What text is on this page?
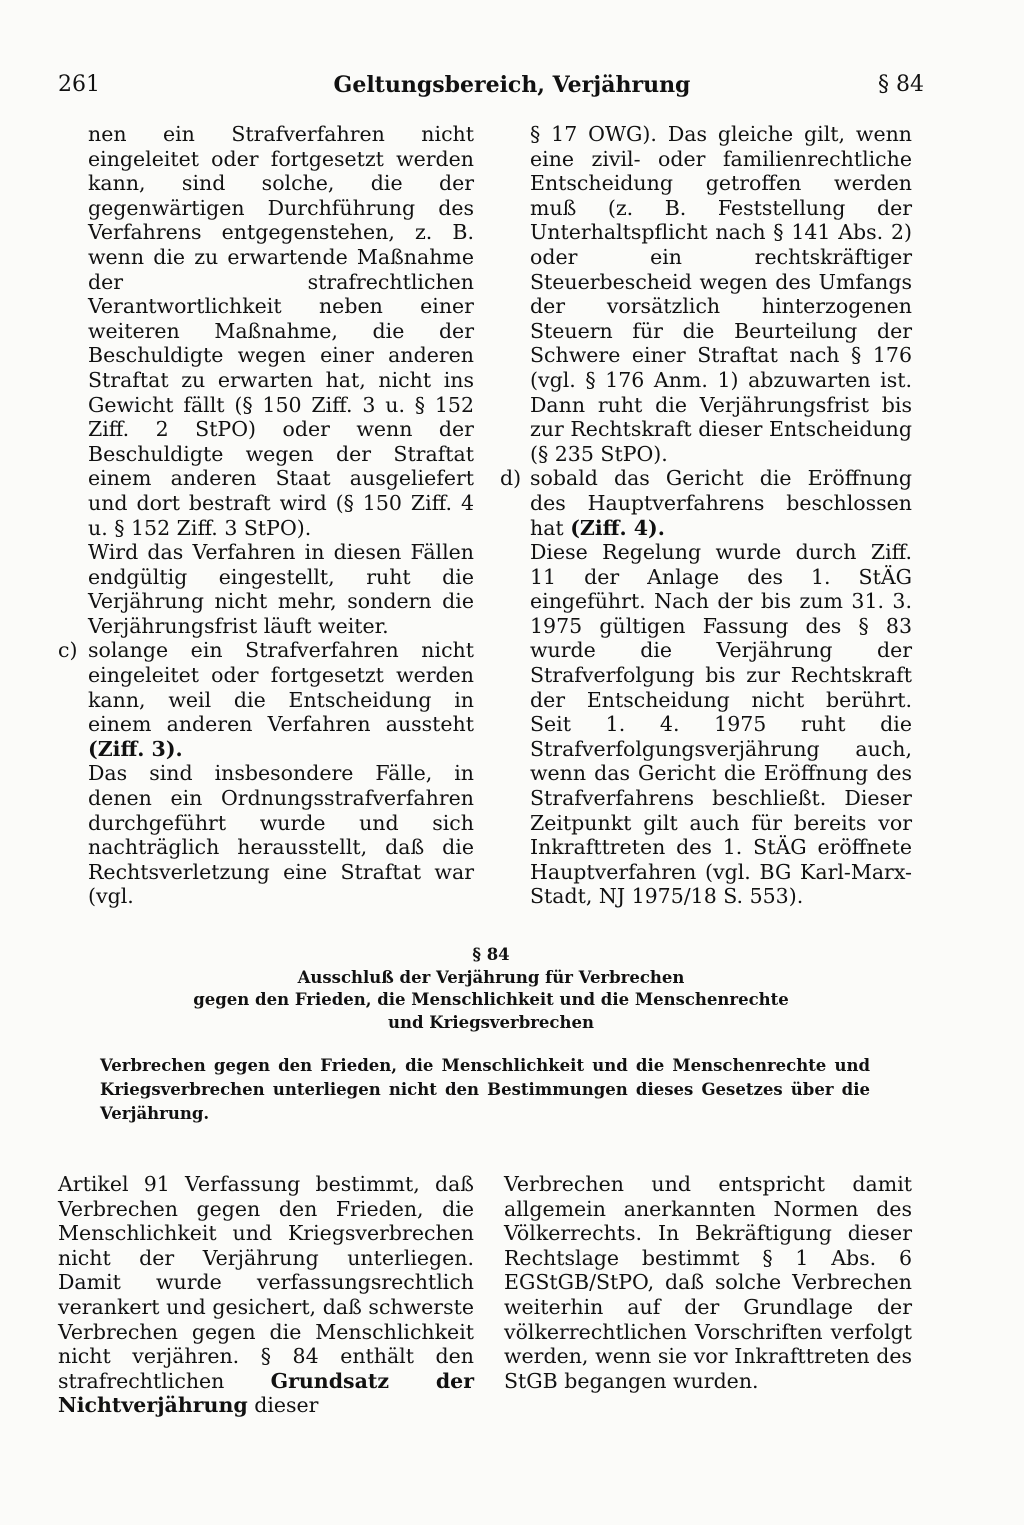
Geltungsbereich, Verjährung
261	§ 84

nen ein Strafverfahren nicht eingeleitet oder fortgesetzt werden kann, sind solche, die der gegenwärtigen Durchführung des Verfahrens entgegenstehen, z. B. wenn die zu erwartende Maßnahme der strafrechtlichen Verantwortlichkeit neben einer weiteren Maßnahme, die der Beschuldigte wegen einer anderen Straftat zu erwarten hat, nicht ins Gewicht fällt (§ 150 Ziff. 3 u. § 152 Ziff. 2 StPO) oder wenn der Beschuldigte wegen der Straftat einem anderen Staat ausgeliefert und dort bestraft wird (§ 150 Ziff. 4 u. § 152 Ziff. 3 StPO).

Wird das Verfahren in diesen Fällen endgültig eingestellt, ruht die Verjährung nicht mehr, sondern die Verjährungsfrist läuft weiter.

c) solange ein Strafverfahren nicht eingeleitet oder fortgesetzt werden kann, weil die Entscheidung in einem anderen Verfahren aussteht (Ziff. 3).

Das sind insbesondere Fälle, in denen ein Ordnungsstrafverfahren durchgeführt wurde und sich nachträglich herausstellt, daß die Rechtsverletzung eine Straftat war (vgl.

§ 17 OWG). Das gleiche gilt, wenn eine zivil- oder familienrechtliche Entscheidung getroffen werden muß (z. B. Feststellung der Unterhaltspflicht nach § 141 Abs. 2) oder ein rechtskräftiger Steuerbescheid wegen des Umfangs der vorsätzlich hinterzogenen Steuern für die Beurteilung der Schwere einer Straftat nach § 176 (vgl. § 176 Anm. 1) abzuwarten ist. Dann ruht die Verjährungsfrist bis zur Rechtskraft dieser Entscheidung (§ 235 StPO).

d) sobald das Gericht die Eröffnung des Hauptverfahrens beschlossen hat (Ziff. 4).

Diese Regelung wurde durch Ziff. 11 der Anlage des 1. StÄG eingeführt. Nach der bis zum 31. 3. 1975 gültigen Fassung des § 83 wurde die Verjährung der Strafverfolgung bis zur Rechtskraft der Entscheidung nicht berührt. Seit 1. 4. 1975 ruht die Strafverfolgungsverjährung auch, wenn das Gericht die Eröffnung des Strafverfahrens beschließt. Dieser Zeitpunkt gilt auch für bereits vor Inkrafttreten des 1. StÄG eröffnete Hauptverfahren (vgl. BG Karl-Marx-Stadt, NJ 1975/18 S. 553).

§ 84
Ausschluß der Verjährung für Verbrechen
gegen den Frieden, die Menschlichkeit und die Menschenrechte
und Kriegsverbrechen
Verbrechen gegen den Frieden, die Menschlichkeit und die Menschenrechte und Kriegsverbrechen unterliegen nicht den Bestimmungen dieses Gesetzes über die Verjährung.

Artikel 91 Verfassung bestimmt, daß Verbrechen gegen den Frieden, die Menschlichkeit und Kriegsverbrechen nicht der Verjährung unterliegen. Damit wurde verfassungsrechtlich verankert und gesichert, daß schwerste Verbrechen gegen die Menschlichkeit nicht verjähren. § 84 enthält den strafrechtlichen Grundsatz der Nichtverjährung dieser

Verbrechen und entspricht damit allgemein anerkannten Normen des Völkerrechts. In Bekräftigung dieser Rechtslage bestimmt § 1 Abs. 6 EGStGB/StPO, daß solche Verbrechen weiterhin auf der Grundlage der völkerrechtlichen Vorschriften verfolgt werden, wenn sie vor Inkrafttreten des StGB begangen wurden.
